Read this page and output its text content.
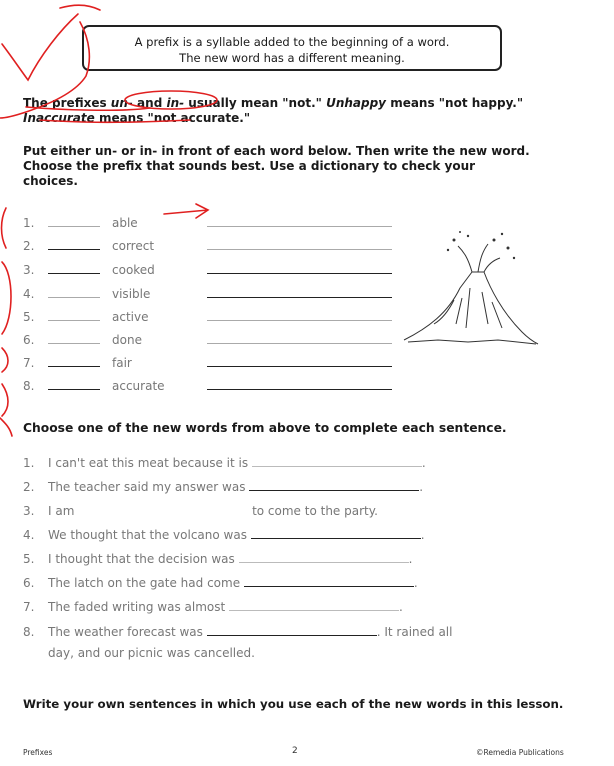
A prefix is a syllable added to the beginning of a word.
The new word has a different meaning.
The prefixes un- and in- usually mean "not." Unhappy means "not happy."
Inaccurate means "not accurate."
Put either un- or in- in front of each word below. Then write the new word.
Choose the prefix that sounds best. Use a dictionary to check your
choices.
1.	able
2.	correct
3.	cooked
4.	visible
5.	active
6.	done
7.	fair
8.	accurate
Choose one of the new words from above to complete each sentence.
1. I can't eat this meat because it is	.
2. The teacher said my answer was	.
3. I am	to come to the party.
4. We thought that the volcano was	.
5. I thought that the decision was	.
6. The latch on the gate had come	.
7. The faded writing was almost	.
8. The weather forecast was	. It rained all
day, and our picnic was cancelled.
Write your own sentences in which you use each of the new words in this lesson.
Prefixes	2	©Remedia Publications
